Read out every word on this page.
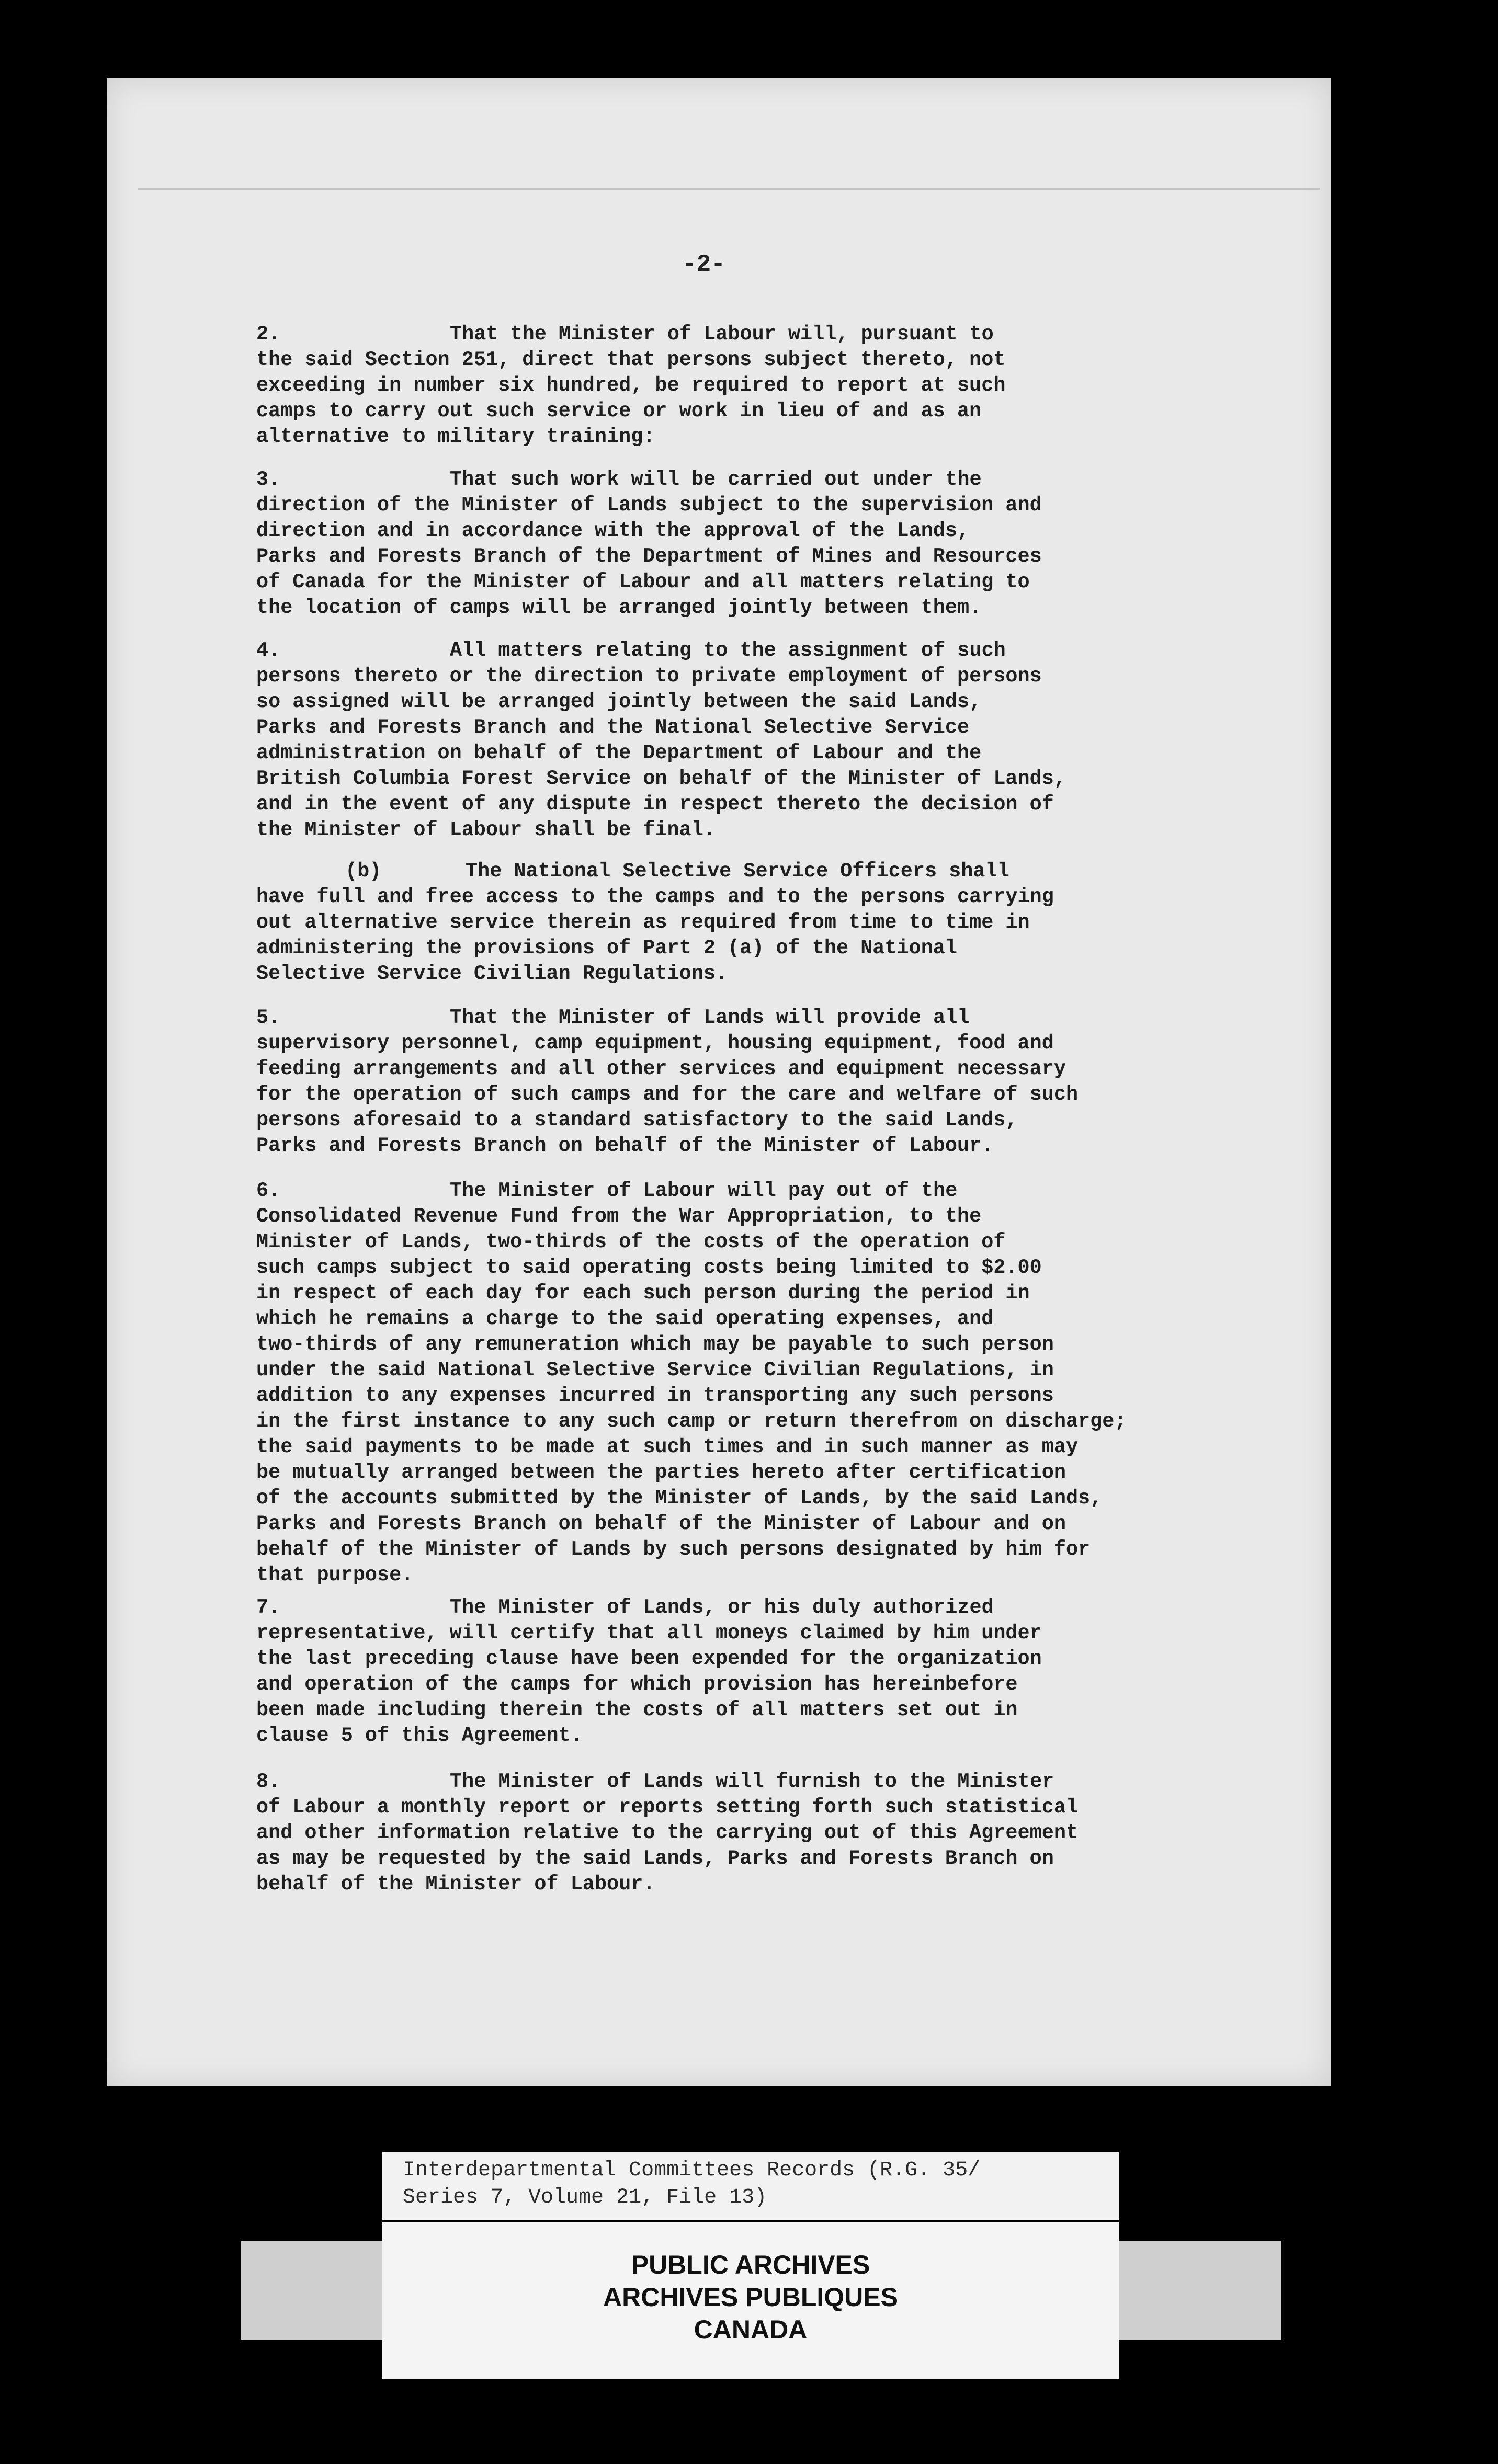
-2-
2.	That the Minister of Labour will, pursuant to
the said Section 251, direct that persons subject thereto, not
exceeding in number six hundred, be required to report at such
camps to carry out such service or work in lieu of and as an
alternative to military training:
3.	That such work will be carried out under the
direction of the Minister of Lands subject to the supervision and
direction and in accordance with the approval of the Lands,
Parks and Forests Branch of the Department of Mines and Resources
of Canada for the Minister of Labour and all matters relating to
the location of camps will be arranged jointly between them.
4.	All matters relating to the assignment of such
persons thereto or the direction to private employment of persons
so assigned will be arranged jointly between the said Lands,
Parks and Forests Branch and the National Selective Service
administration on behalf of the Department of Labour and the
British Columbia Forest Service on behalf of the Minister of Lands,
and in the event of any dispute in respect thereto the decision of
the Minister of Labour shall be final.
(b)	The National Selective Service Officers shall
have full and free access to the camps and to the persons carrying
out alternative service therein as required from time to time in
administering the provisions of Part 2 (a) of the National
Selective Service Civilian Regulations.
5.	That the Minister of Lands will provide all
supervisory personnel, camp equipment, housing equipment, food and
feeding arrangements and all other services and equipment necessary
for the operation of such camps and for the care and welfare of such
persons aforesaid to a standard satisfactory to the said Lands,
Parks and Forests Branch on behalf of the Minister of Labour.
6.	The Minister of Labour will pay out of the
Consolidated Revenue Fund from the War Appropriation, to the
Minister of Lands, two-thirds of the costs of the operation of
such camps subject to said operating costs being limited to $2.00
in respect of each day for each such person during the period in
which he remains a charge to the said operating expenses, and
two-thirds of any remuneration which may be payable to such person
under the said National Selective Service Civilian Regulations, in
addition to any expenses incurred in transporting any such persons
in the first instance to any such camp or return therefrom on discharge;
the said payments to be made at such times and in such manner as may
be mutually arranged between the parties hereto after certification
of the accounts submitted by the Minister of Lands, by the said Lands,
Parks and Forests Branch on behalf of the Minister of Labour and on
behalf of the Minister of Lands by such persons designated by him for
that purpose.
7.	The Minister of Lands, or his duly authorized
representative, will certify that all moneys claimed by him under
the last preceding clause have been expended for the organization
and operation of the camps for which provision has hereinbefore
been made including therein the costs of all matters set out in
clause 5 of this Agreement.
8.	The Minister of Lands will furnish to the Minister
of Labour a monthly report or reports setting forth such statistical
and other information relative to the carrying out of this Agreement
as may be requested by the said Lands, Parks and Forests Branch on
behalf of the Minister of Labour.
Interdepartmental Committees Records (R.G. 35/
Series 7, Volume 21, File 13)
PUBLIC ARCHIVES
ARCHIVES PUBLIQUES
CANADA
